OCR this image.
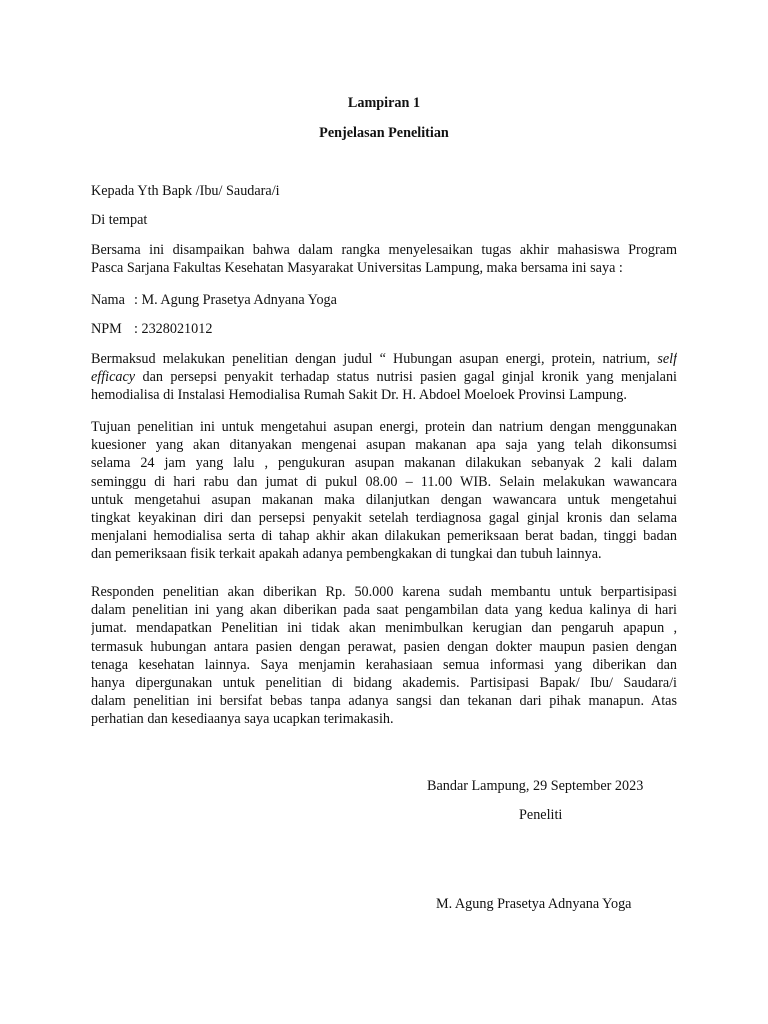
Lampiran 1
Penjelasan Penelitian
Kepada Yth Bapk /Ibu/ Saudara/i
Di tempat
Bersama ini disampaikan bahwa dalam rangka menyelesaikan tugas akhir mahasiswa Program
Pasca Sarjana Fakultas Kesehatan Masyarakat Universitas Lampung, maka bersama ini saya :
Nama : M. Agung Prasetya Adnyana Yoga
NPM : 2328021012
Bermaksud melakukan penelitian dengan judul “ Hubungan asupan energi, protein, natrium, self
efficacy dan persepsi penyakit terhadap status nutrisi pasien gagal ginjal kronik yang menjalani
hemodialisa di Instalasi Hemodialisa Rumah Sakit Dr. H. Abdoel Moeloek Provinsi Lampung.
Tujuan penelitian ini untuk mengetahui asupan energi, protein dan natrium dengan menggunakan
kuesioner yang akan ditanyakan mengenai asupan makanan apa saja yang telah dikonsumsi
selama 24 jam yang lalu , pengukuran asupan makanan dilakukan sebanyak 2 kali dalam
seminggu di hari rabu dan jumat di pukul 08.00 – 11.00 WIB. Selain melakukan wawancara
untuk mengetahui asupan makanan maka dilanjutkan dengan wawancara untuk mengetahui
tingkat keyakinan diri dan persepsi penyakit setelah terdiagnosa gagal ginjal kronis dan selama
menjalani hemodialisa serta di tahap akhir akan dilakukan pemeriksaan berat badan, tinggi badan
dan pemeriksaan fisik terkait apakah adanya pembengkakan di tungkai dan tubuh lainnya.
Responden penelitian akan diberikan Rp. 50.000 karena sudah membantu untuk berpartisipasi
dalam penelitian ini yang akan diberikan pada saat pengambilan data yang kedua kalinya di hari
jumat. mendapatkan Penelitian ini tidak akan menimbulkan kerugian dan pengaruh apapun ,
termasuk hubungan antara pasien dengan perawat, pasien dengan dokter maupun pasien dengan
tenaga kesehatan lainnya. Saya menjamin kerahasiaan semua informasi yang diberikan dan
hanya dipergunakan untuk penelitian di bidang akademis. Partisipasi Bapak/ Ibu/ Saudara/i
dalam penelitian ini bersifat bebas tanpa adanya sangsi dan tekanan dari pihak manapun. Atas
perhatian dan kesediaanya saya ucapkan terimakasih.
Bandar Lampung, 29 September 2023
Peneliti
M. Agung Prasetya Adnyana Yoga
